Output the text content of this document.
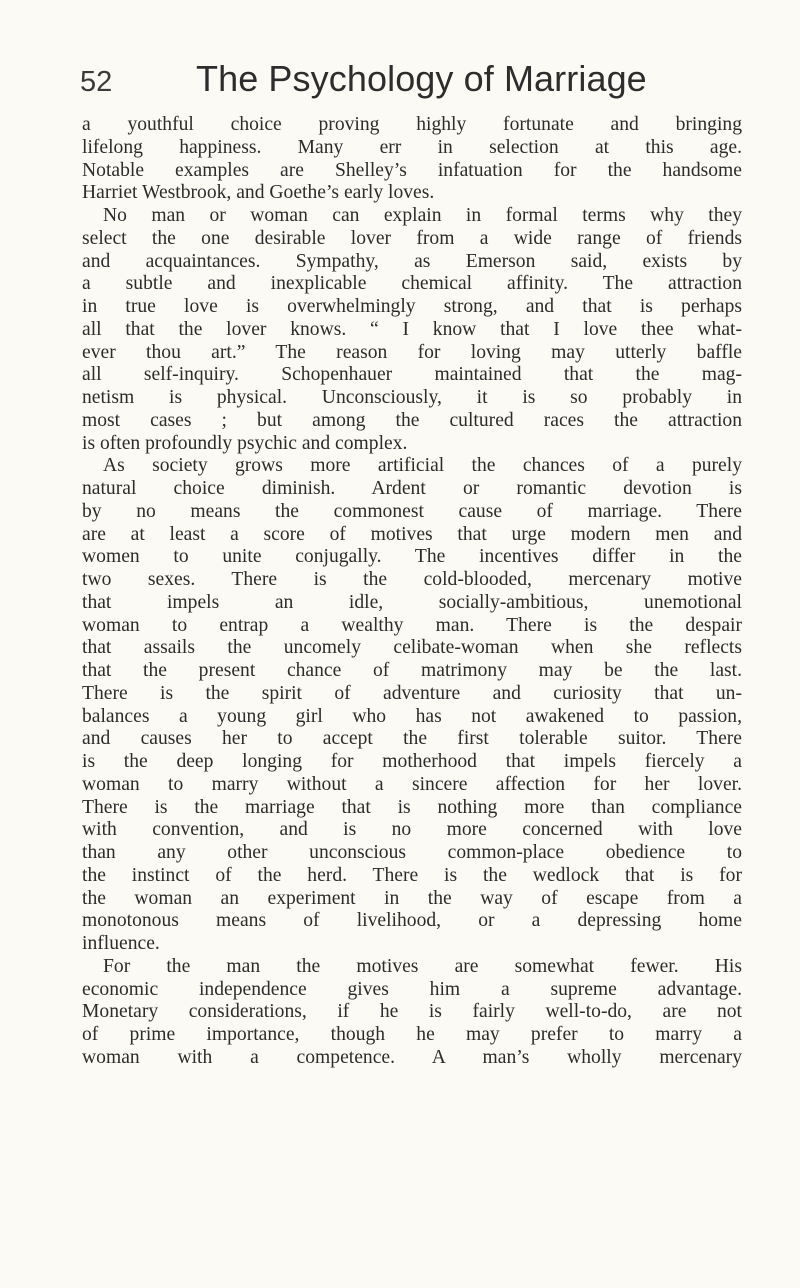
52 The Psychology of Marriage
a youthful choice proving highly fortunate and bringing
lifelong happiness. Many err in selection at this age.
Notable examples are Shelley’s infatuation for the handsome
Harriet Westbrook, and Goethe’s early loves.
No man or woman can explain in formal terms why they
select the one desirable lover from a wide range of friends
and acquaintances. Sympathy, as Emerson said, exists by
a subtle and inexplicable chemical affinity. The attraction
in true love is overwhelmingly strong, and that is perhaps
all that the lover knows. “ I know that I love thee what-
ever thou art.” The reason for loving may utterly baffle
all self-inquiry. Schopenhauer maintained that the mag-
netism is physical. Unconsciously, it is so probably in
most cases ; but among the cultured races the attraction
is often profoundly psychic and complex.
As society grows more artificial the chances of a purely
natural choice diminish. Ardent or romantic devotion is
by no means the commonest cause of marriage. There
are at least a score of motives that urge modern men and
women to unite conjugally. The incentives differ in the
two sexes. There is the cold-blooded, mercenary motive
that impels an idle, socially-ambitious, unemotional
woman to entrap a wealthy man. There is the despair
that assails the uncomely celibate-woman when she reflects
that the present chance of matrimony may be the last.
There is the spirit of adventure and curiosity that un-
balances a young girl who has not awakened to passion,
and causes her to accept the first tolerable suitor. There
is the deep longing for motherhood that impels fiercely a
woman to marry without a sincere affection for her lover.
There is the marriage that is nothing more than compliance
with convention, and is no more concerned with love
than any other unconscious common-place obedience to
the instinct of the herd. There is the wedlock that is for
the woman an experiment in the way of escape from a
monotonous means of livelihood, or a depressing home
influence.
For the man the motives are somewhat fewer. His
economic independence gives him a supreme advantage.
Monetary considerations, if he is fairly well-to-do, are not
of prime importance, though he may prefer to marry a
woman with a competence. A man’s wholly mercenary
